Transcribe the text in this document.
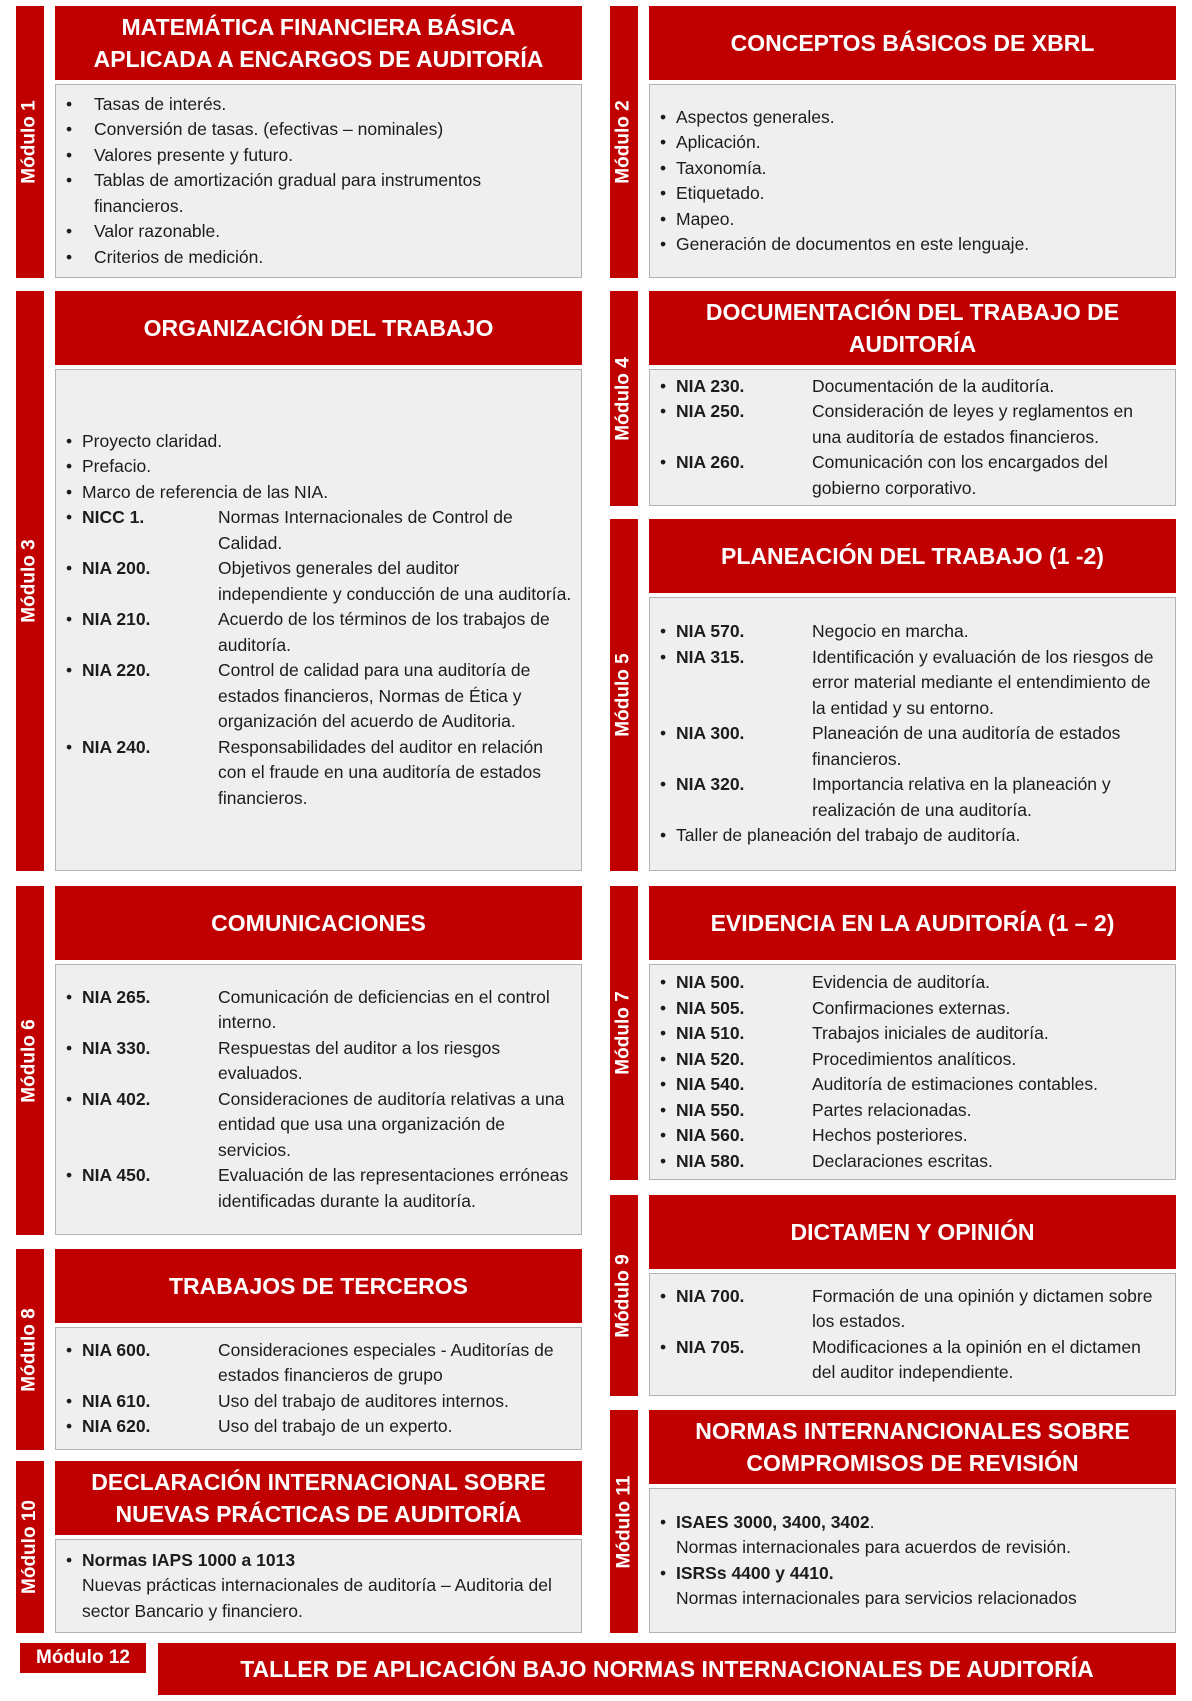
Módulo 1
MATEMÁTICA FINANCIERA BÁSICA APLICADA A ENCARGOS DE AUDITORÍA
•
Tasas de interés.
•
Conversión de tasas. (efectivas – nominales)
•
Valores presente y futuro.
•
Tablas de amortización gradual para instrumentos financieros.
•
Valor razonable.
•
Criterios de medición.
Módulo 2
CONCEPTOS BÁSICOS DE XBRL
•
Aspectos generales.
•
Aplicación.
•
Taxonomía.
•
Etiquetado.
•
Mapeo.
•
Generación de documentos en este lenguaje.
Módulo 3
ORGANIZACIÓN DEL TRABAJO
•
Proyecto claridad.
•
Prefacio.
•
Marco de referencia de las NIA.
•
NICC 1.	Normas Internacionales de Control de Calidad.
•
NIA 200.	Objetivos generales del auditor independiente y conducción de una auditoría.
•
NIA 210.	Acuerdo de los términos de los trabajos de auditoría.
•
NIA 220.	Control de calidad para una auditoría de estados financieros, Normas de Ética y organización del acuerdo de Auditoria.
•
NIA 240.	Responsabilidades del auditor en relación con el fraude en una auditoría de estados financieros.
Módulo 4
DOCUMENTACIÓN DEL TRABAJO DE AUDITORÍA
•
NIA 230.	Documentación de la auditoría.
•
NIA 250.	Consideración de leyes y reglamentos en una auditoría de estados financieros.
•
NIA 260.	Comunicación con los encargados del gobierno corporativo.
Módulo 5
PLANEACIÓN DEL TRABAJO (1 -2)
•
NIA 570.	Negocio en marcha.
•
NIA 315.	Identificación y evaluación de los riesgos de error material mediante el entendimiento de la entidad y su entorno.
•
NIA 300.	Planeación de una auditoría de estados financieros.
•
NIA 320.	Importancia relativa en la planeación y realización de una auditoría.
•
Taller de planeación del trabajo de auditoría.
Módulo 6
COMUNICACIONES
•
NIA 265.	Comunicación de deficiencias en el control interno.
•
NIA 330.	Respuestas del auditor a los riesgos evaluados.
•
NIA 402.	Consideraciones de auditoría relativas a una entidad que usa una organización de servicios.
•
NIA 450.	Evaluación de las representaciones erróneas identificadas durante la auditoría.
Módulo 7
EVIDENCIA EN LA AUDITORÍA (1 – 2)
•
NIA 500.	Evidencia de auditoría.
•
NIA 505.	Confirmaciones externas.
•
NIA 510.	Trabajos iniciales de auditoría.
•
NIA 520.	Procedimientos analíticos.
•
NIA 540.	Auditoría de estimaciones contables.
•
NIA 550.	Partes relacionadas.
•
NIA 560.	Hechos posteriores.
•
NIA 580.	Declaraciones escritas.
Módulo 8
TRABAJOS DE TERCEROS
•
NIA 600.	Consideraciones especiales - Auditorías de estados financieros de grupo
•
NIA 610.	Uso del trabajo de auditores internos.
•
NIA 620.	Uso del trabajo de un experto.
Módulo 9
DICTAMEN Y OPINIÓN
•
NIA 700.	Formación de una opinión y dictamen sobre los estados.
•
NIA 705.	Modificaciones a la opinión en el dictamen del auditor independiente.
Módulo 10
DECLARACIÓN INTERNACIONAL SOBRE NUEVAS PRÁCTICAS DE AUDITORÍA
•
Normas IAPS 1000 a 1013
Nuevas prácticas internacionales de auditoría – Auditoria del sector Bancario y financiero.
Módulo 11
NORMAS INTERNANCIONALES SOBRE COMPROMISOS DE REVISIÓN
•
ISAES 3000, 3400, 3402.
Normas internacionales para acuerdos de revisión.
•
ISRSs 4400 y 4410.
Normas internacionales para servicios relacionados
Módulo 12	TALLER DE APLICACIÓN BAJO NORMAS INTERNACIONALES DE AUDITORÍA
